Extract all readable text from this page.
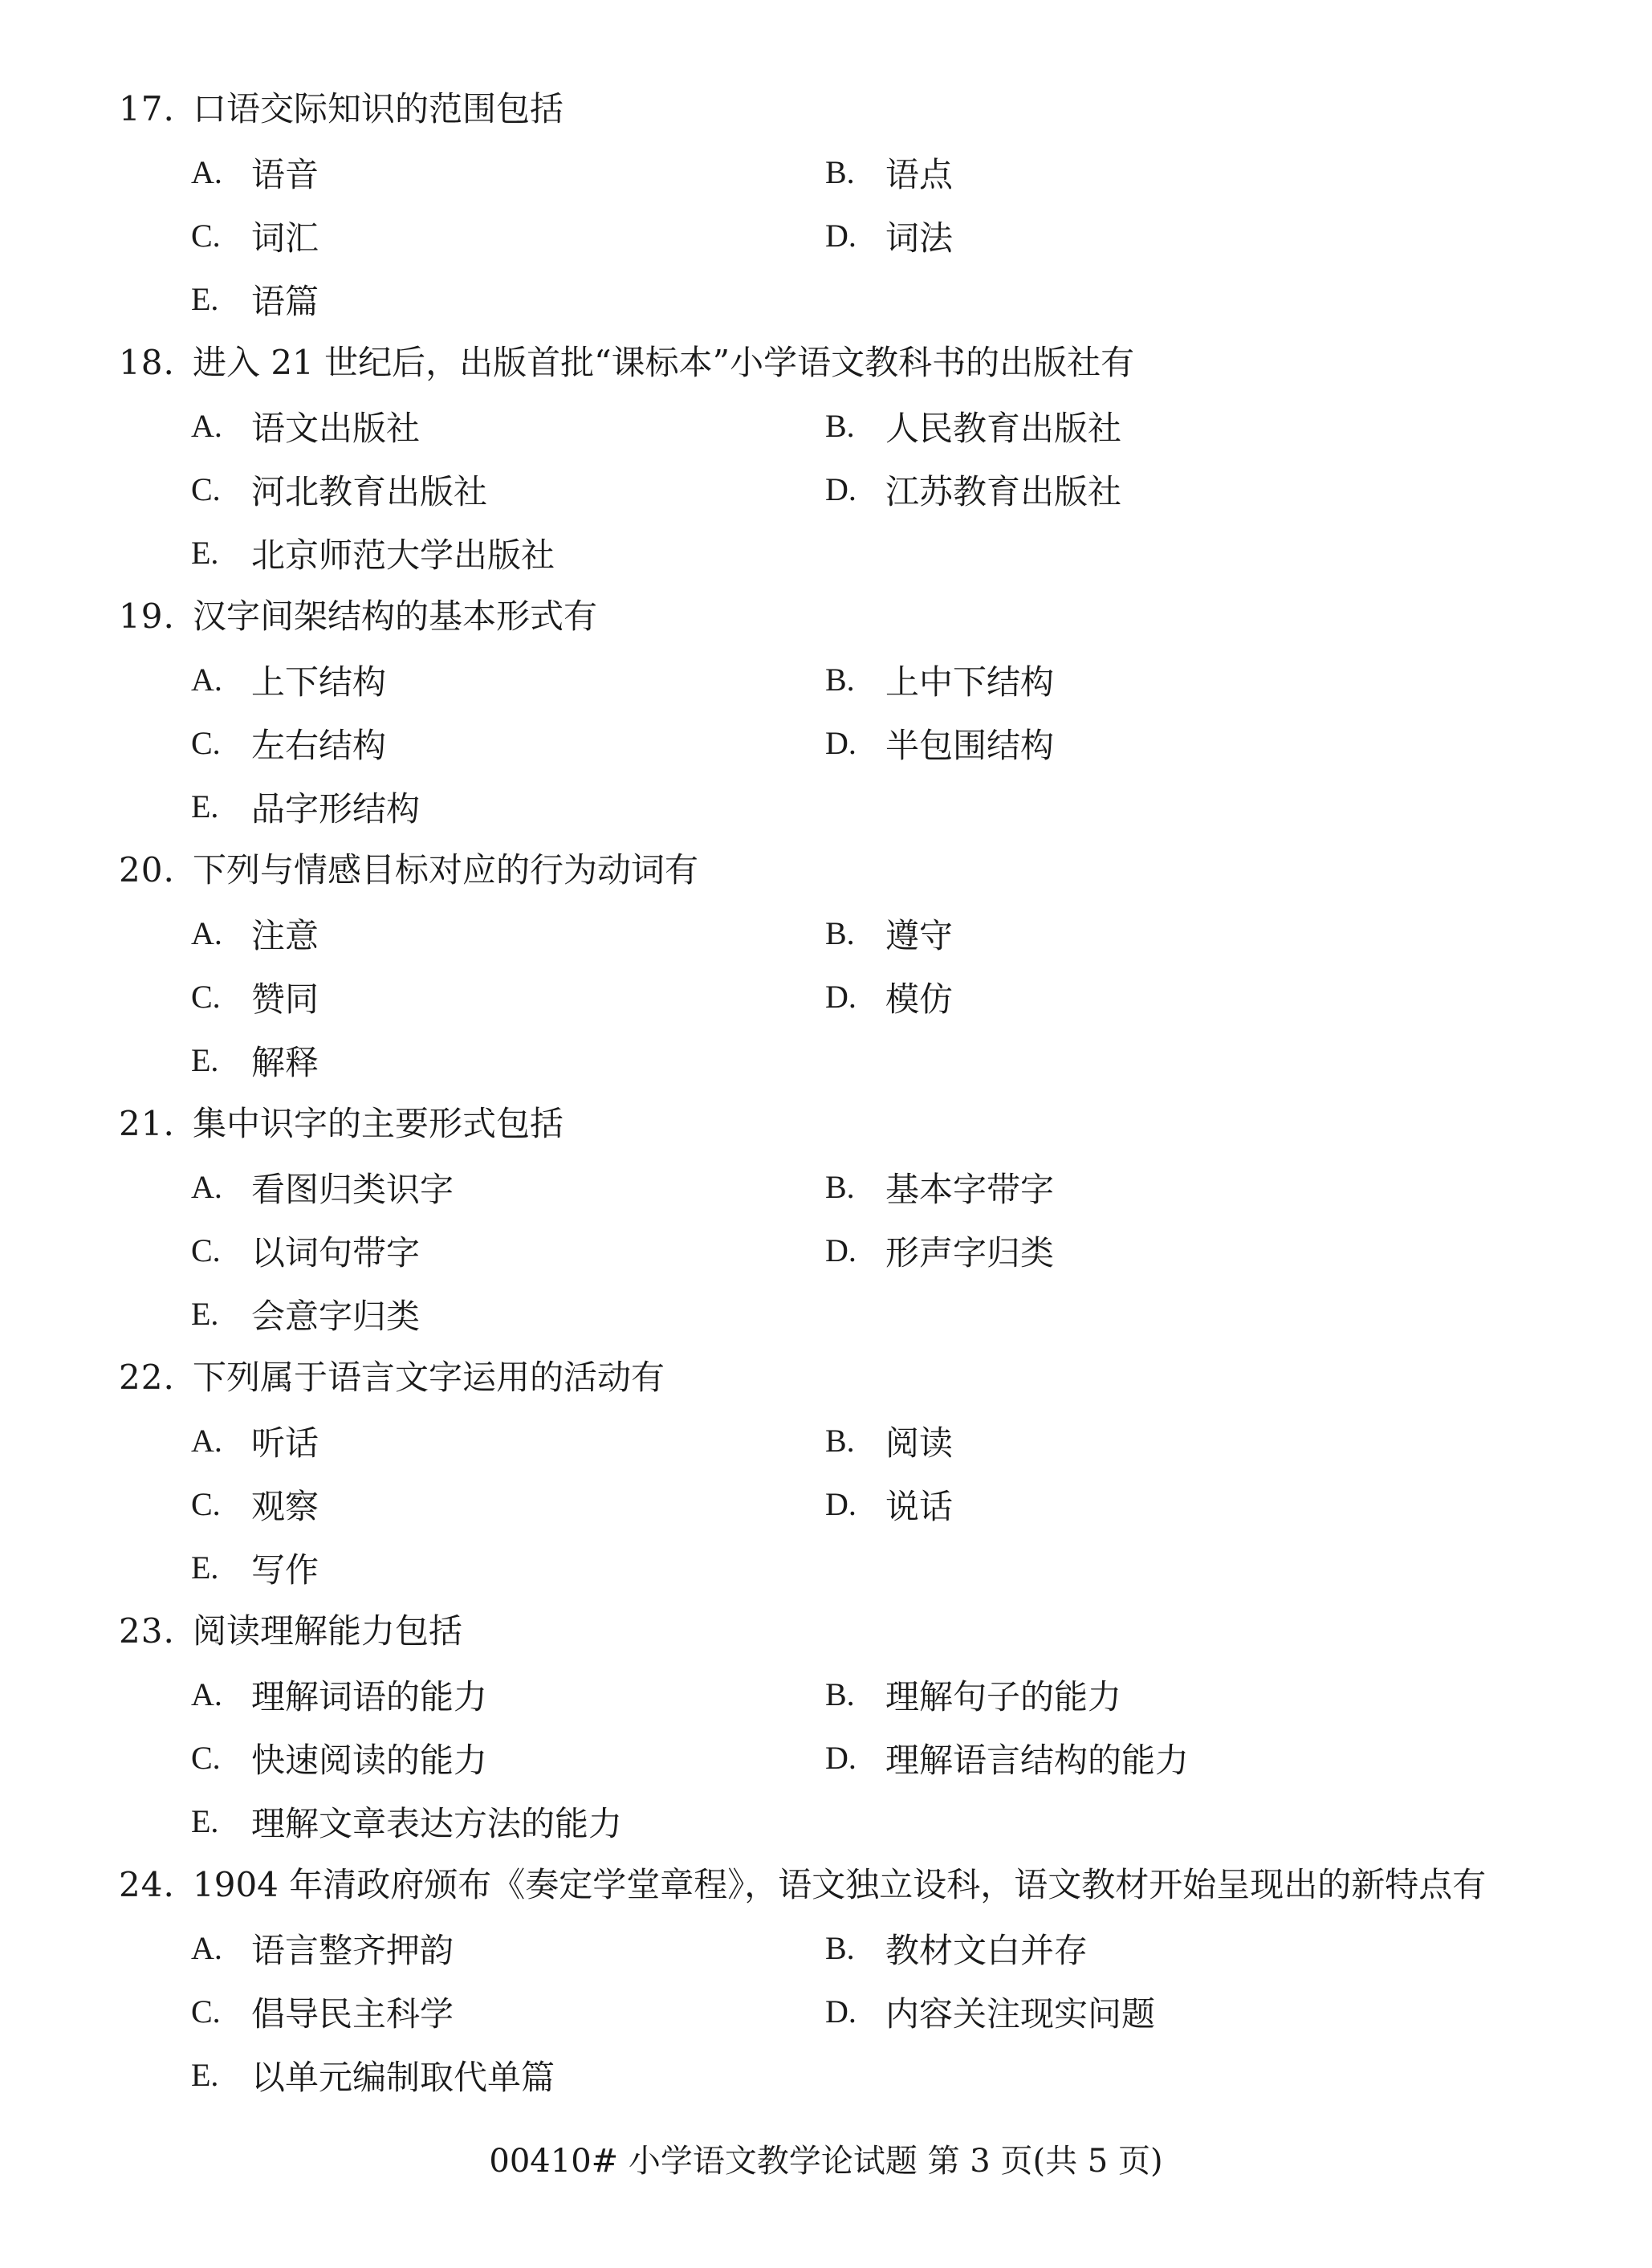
17. 口语交际知识的范围包括
A. 语音	B. 语点
C. 词汇	D. 词法
E. 语篇
18. 进入 21 世纪后，出版首批“课标本”小学语文教科书的出版社有
A. 语文出版社	B. 人民教育出版社
C. 河北教育出版社	D. 江苏教育出版社
E. 北京师范大学出版社
19. 汉字间架结构的基本形式有
A. 上下结构	B. 上中下结构
C. 左右结构	D. 半包围结构
E. 品字形结构
20. 下列与情感目标对应的行为动词有
A. 注意	B. 遵守
C. 赞同	D. 模仿
E. 解释
21. 集中识字的主要形式包括
A. 看图归类识字	B. 基本字带字
C. 以词句带字	D. 形声字归类
E. 会意字归类
22. 下列属于语言文字运用的活动有
A. 听话	B. 阅读
C. 观察	D. 说话
E. 写作
23. 阅读理解能力包括
A. 理解词语的能力	B. 理解句子的能力
C. 快速阅读的能力	D. 理解语言结构的能力
E. 理解文章表达方法的能力
24. 1904 年清政府颁布《奏定学堂章程》，语文独立设科，语文教材开始呈现出的新特点有
A. 语言整齐押韵	B. 教材文白并存
C. 倡导民主科学	D. 内容关注现实问题
E. 以单元编制取代单篇
00410# 小学语文教学论试题 第 3 页(共 5 页)
